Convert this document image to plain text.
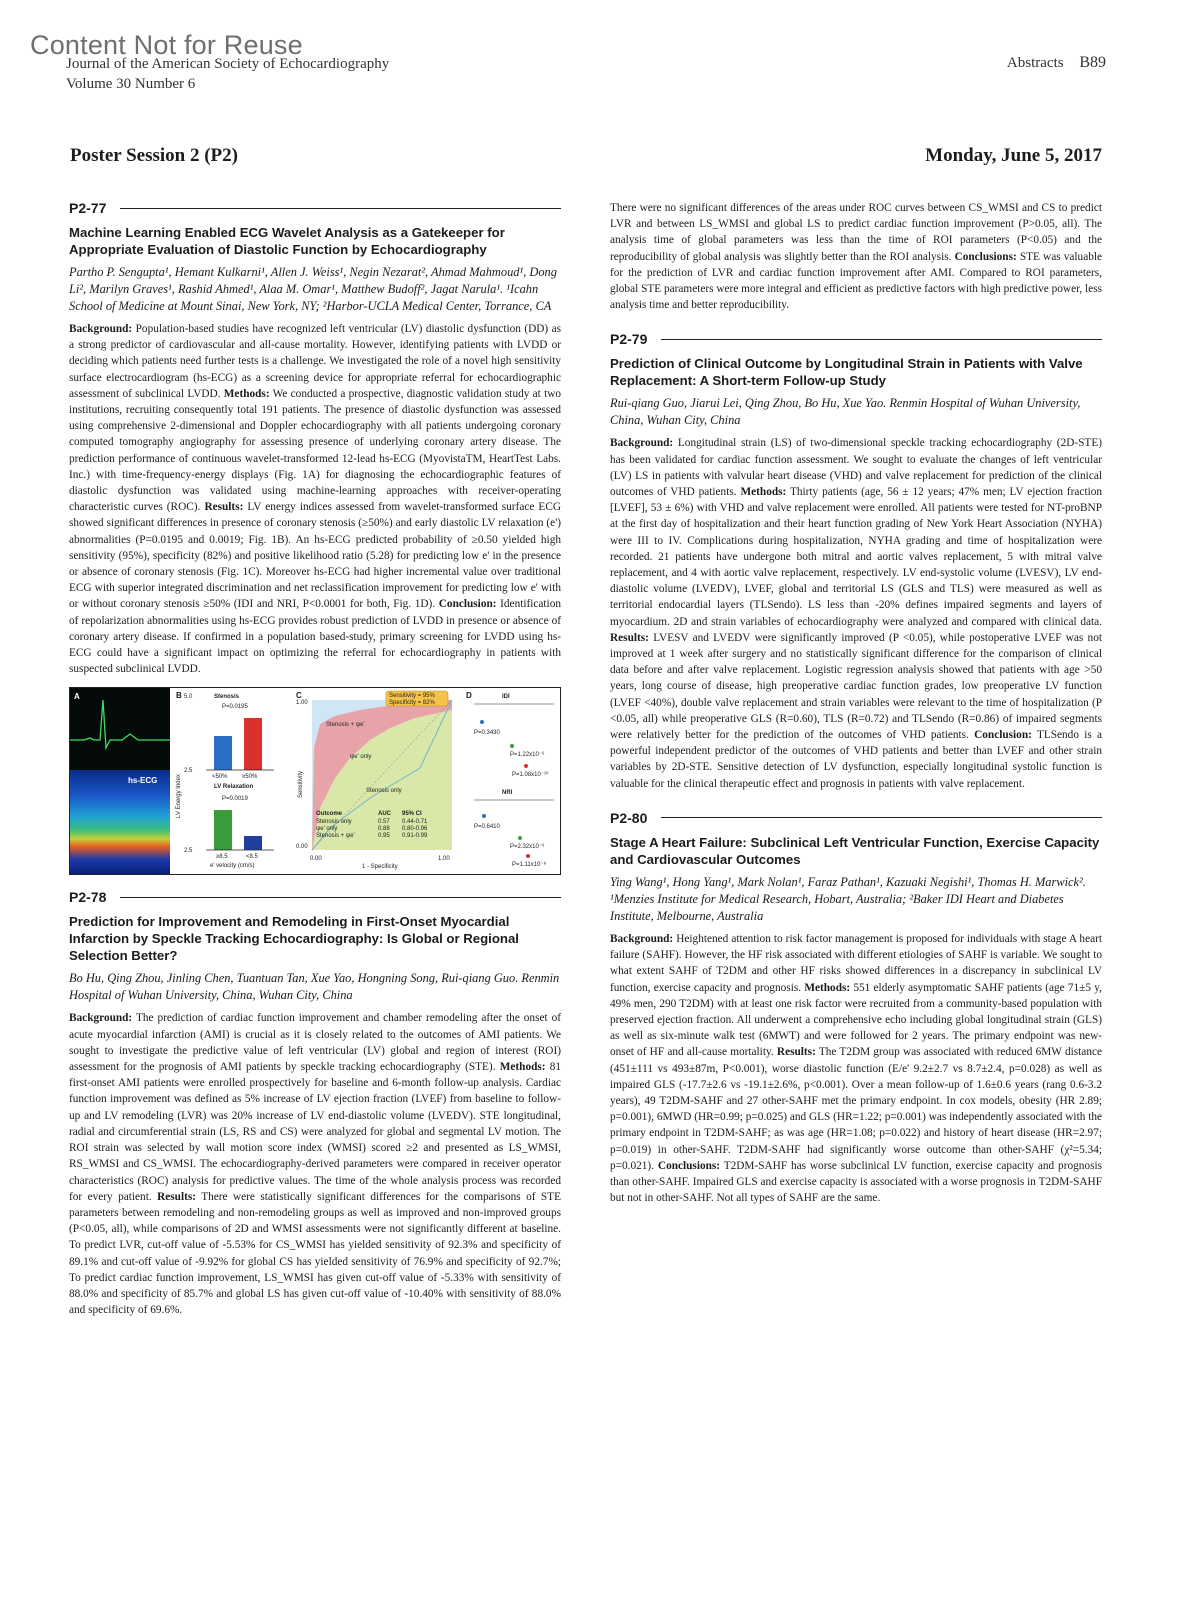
Content Not for Reuse
Journal of the American Society of Echocardiography
Volume 30 Number 6
Abstracts B89
Poster Session 2 (P2)	Monday, June 5, 2017
P2-77
Machine Learning Enabled ECG Wavelet Analysis as a Gatekeeper for Appropriate Evaluation of Diastolic Function by Echocardiography
Partho P. Sengupta¹, Hemant Kulkarni¹, Allen J. Weiss¹, Negin Nezarat², Ahmad Mahmoud¹, Dong Li², Marilyn Graves¹, Rashid Ahmed¹, Alaa M. Omar¹, Matthew Budoff², Jagat Narula¹. ¹Icahn School of Medicine at Mount Sinai, New York, NY; ²Harbor-UCLA Medical Center, Torrance, CA

Background: Population-based studies have recognized left ventricular (LV) diastolic dysfunction (DD) as a strong predictor of cardiovascular and all-cause mortality. However, identifying patients with LVDD or deciding which patients need further tests is a challenge. We investigated the role of a novel high sensitivity surface electrocardiogram (hs-ECG) as a screening device for appropriate referral for echocardiographic assessment of subclinical LVDD. Methods: We conducted a prospective, diagnostic validation study at two institutions, recruiting consequently total 191 patients. The presence of diastolic dysfunction was assessed using comprehensive 2-dimensional and Doppler echocardiography with all patients undergoing coronary computed tomography angiography for assessing presence of underlying coronary artery disease. The prediction performance of continuous wavelet-transformed 12-lead hs-ECG (MyovistaTM, HeartTest Labs. Inc.) with time-frequency-energy displays (Fig. 1A) for diagnosing the echocardiographic features of diastolic dysfunction was validated using machine-learning approaches with receiver-operating characteristic curves (ROC). Results: LV energy indices assessed from wavelet-transformed surface ECG showed significant differences in presence of coronary stenosis (≥50%) and early diastolic LV relaxation (e') abnormalities (P=0.0195 and 0.0019; Fig. 1B). An hs-ECG predicted probability of ≥0.50 yielded high sensitivity (95%), specificity (82%) and positive likelihood ratio (5.28) for predicting low e' in the presence or absence of coronary stenosis (Fig. 1C). Moreover hs-ECG had higher incremental value over traditional ECG with superior integrated discrimination and net reclassification improvement for predicting low e' with or without coronary stenosis ≥50% (IDI and NRI, P<0.0001 for both, Fig. 1D). Conclusion: Identification of repolarization abnormalities using hs-ECG provides robust prediction of LVDD in presence or absence of coronary artery disease. If confirmed in a population based-study, primary screening for LVDD using hs-ECG could have a significant impact on optimizing the referral for echocardiography in patients with suspected subclinical LVDD.

hs-ECG
A	B 5.0	Stenosis
P=0.0195
2.5
<50% ≥50%
LV Relaxation
P=0.0019
2.5
≥8.5	<8.5
e' velocity (cm/s)
LV Energy Index
C	Sensitivity = 95%
Specificity = 82%
Stenosis + ψe'
ψe' only
Stenosis only
Outcome	AUC 95% CI
Stenosis only	0.57 0.44-0.71
ψe' only	0.88 0.80-0.96
Stenosis + ψe'	0.95 0.91-0.99
1.00
0.00
0.00	1.00
1 - Specificity
Sensitivity
D	IDI
P=0.3430
P=1.22x10⁻⁶
P=1.08x10⁻¹⁰
NRI
P=0.6410
P=2.32x10⁻⁶
P=1.11x10⁻⁸
P2-78
Prediction for Improvement and Remodeling in First-Onset Myocardial Infarction by Speckle Tracking Echocardiography: Is Global or Regional Selection Better?
Bo Hu, Qing Zhou, Jinling Chen, Tuantuan Tan, Xue Yao, Hongning Song, Rui-qiang Guo. Renmin Hospital of Wuhan University, China, Wuhan City, China

Background: The prediction of cardiac function improvement and chamber remodeling after the onset of acute myocardial infarction (AMI) is crucial as it is closely related to the outcomes of AMI patients. We sought to investigate the predictive value of left ventricular (LV) global and region of interest (ROI) assessment for the prognosis of AMI patients by speckle tracking echocardiography (STE). Methods: 81 first-onset AMI patients were enrolled prospectively for baseline and 6-month follow-up analysis. Cardiac function improvement was defined as 5% increase of LV ejection fraction (LVEF) from baseline to follow-up and LV remodeling (LVR) was 20% increase of LV end-diastolic volume (LVEDV). STE longitudinal, radial and circumferential strain (LS, RS and CS) were analyzed for global and segmental LV motion. The ROI strain was selected by wall motion score index (WMSI) scored ≥2 and presented as LS_WMSI, RS_WMSI and CS_WMSI. The echocardiography-derived parameters were compared in receiver operator characteristics (ROC) analysis for predictive values. The time of the whole analysis process was recorded for every patient. Results: There were statistically significant differences for the comparisons of STE parameters between remodeling and non-remodeling groups as well as improved and non-improved groups (P<0.05, all), while comparisons of 2D and WMSI assessments were not significantly different at baseline. To predict LVR, cut-off value of -5.53% for CS_WMSI has yielded sensitivity of 92.3% and specificity of 89.1% and cut-off value of -9.92% for global CS has yielded sensitivity of 76.9% and specificity of 92.7%; To predict cardiac function improvement, LS_WMSI has given cut-off value of -5.33% with sensitivity of 88.0% and specificity of 85.7% and global LS has given cut-off value of -10.40% with sensitivity of 88.0% and specificity of 69.6%.

There were no significant differences of the areas under ROC curves between CS_WMSI and CS to predict LVR and between LS_WMSI and global LS to predict cardiac function improvement (P>0.05, all). The analysis time of global parameters was less than the time of ROI parameters (P<0.05) and the reproducibility of global analysis was slightly better than the ROI analysis. Conclusions: STE was valuable for the prediction of LVR and cardiac function improvement after AMI. Compared to ROI parameters, global STE parameters were more integral and efficient as predictive factors with high predictive power, less analysis time and better reproducibility.

P2-79
Prediction of Clinical Outcome by Longitudinal Strain in Patients with Valve Replacement: A Short-term Follow-up Study
Rui-qiang Guo, Jiarui Lei, Qing Zhou, Bo Hu, Xue Yao. Renmin Hospital of Wuhan University, China, Wuhan City, China

Background: Longitudinal strain (LS) of two-dimensional speckle tracking echocardiography (2D-STE) has been validated for cardiac function assessment. We sought to evaluate the changes of left ventricular (LV) LS in patients with valvular heart disease (VHD) and valve replacement for prediction of the clinical outcomes of VHD patients. Methods: Thirty patients (age, 56 ± 12 years; 47% men; LV ejection fraction [LVEF], 53 ± 6%) with VHD and valve replacement were enrolled. All patients were tested for NT-proBNP at the first day of hospitalization and their heart function grading of New York Heart Association (NYHA) were III to IV. Complications during hospitalization, NYHA grading and time of hospitalization were recorded. 21 patients have undergone both mitral and aortic valves replacement, 5 with mitral valve replacement, and 4 with aortic valve replacement, respectively. LV end-systolic volume (LVESV), LV end-diastolic volume (LVEDV), LVEF, global and territorial LS (GLS and TLS) were measured as well as territorial endocardial layers (TLSendo). LS less than -20% defines impaired segments and layers of myocardium. 2D and strain variables of echocardiography were analyzed and compared with clinical data. Results: LVESV and LVEDV were significantly improved (P <0.05), while postoperative LVEF was not improved at 1 week after surgery and no statistically significant difference for the comparison of clinical data before and after valve replacement. Logistic regression analysis showed that patients with age >50 years, long course of disease, high preoperative cardiac function grades, low preoperative LV function (LVEF <40%), double valve replacement and strain variables were relevant to the time of hospitalization (P <0.05, all) while preoperative GLS (R=0.60), TLS (R=0.72) and TLSendo (R=0.86) of impaired segments were relatively better for the prediction of the outcomes of VHD patients. Conclusion: TLSendo is a powerful independent predictor of the outcomes of VHD patients and better than LVEF and other strain variables by 2D-STE. Sensitive detection of LV dysfunction, especially longitudinal systolic function is valuable for the clinical therapeutic effect and prognosis in patients with valve replacement.

P2-80
Stage A Heart Failure: Subclinical Left Ventricular Function, Exercise Capacity and Cardiovascular Outcomes
Ying Wang¹, Hong Yang¹, Mark Nolan¹, Faraz Pathan¹, Kazuaki Negishi¹, Thomas H. Marwick². ¹Menzies Institute for Medical Research, Hobart, Australia; ²Baker IDI Heart and Diabetes Institute, Melbourne, Australia

Background: Heightened attention to risk factor management is proposed for individuals with stage A heart failure (SAHF). However, the HF risk associated with different etiologies of SAHF is variable. We sought to what extent SAHF of T2DM and other HF risks showed differences in a discrepancy in subclinical LV function, exercise capacity and prognosis. Methods: 551 elderly asymptomatic SAHF patients (age 71±5 y, 49% men, 290 T2DM) with at least one risk factor were recruited from a community-based population with preserved ejection fraction. All underwent a comprehensive echo including global longitudinal strain (GLS) as well as six-minute walk test (6MWT) and were followed for 2 years. The primary endpoint was new-onset of HF and all-cause mortality. Results: The T2DM group was associated with reduced 6MW distance (451±111 vs 493±87m, P<0.001), worse diastolic function (E/e' 9.2±2.7 vs 8.7±2.4, p=0.028) as well as impaired GLS (-17.7±2.6 vs -19.1±2.6%, p<0.001). Over a mean follow-up of 1.6±0.6 years (rang 0.6-3.2 years), 49 T2DM-SAHF and 27 other-SAHF met the primary endpoint. In cox models, obesity (HR 2.89; p=0.001), 6MWD (HR=0.99; p=0.025) and GLS (HR=1.22; p=0.001) was independently associated with the primary endpoint in T2DM-SAHF; as was age (HR=1.08; p=0.022) and history of heart disease (HR=2.97; p=0.019) in other-SAHF. T2DM-SAHF had significantly worse outcome than other-SAHF (χ²=5.34; p=0.021). Conclusions: T2DM-SAHF has worse subclinical LV function, exercise capacity and prognosis than other-SAHF. Impaired GLS and exercise capacity is associated with a worse prognosis in T2DM-SAHF but not in other-SAHF. Not all types of SAHF are the same.
